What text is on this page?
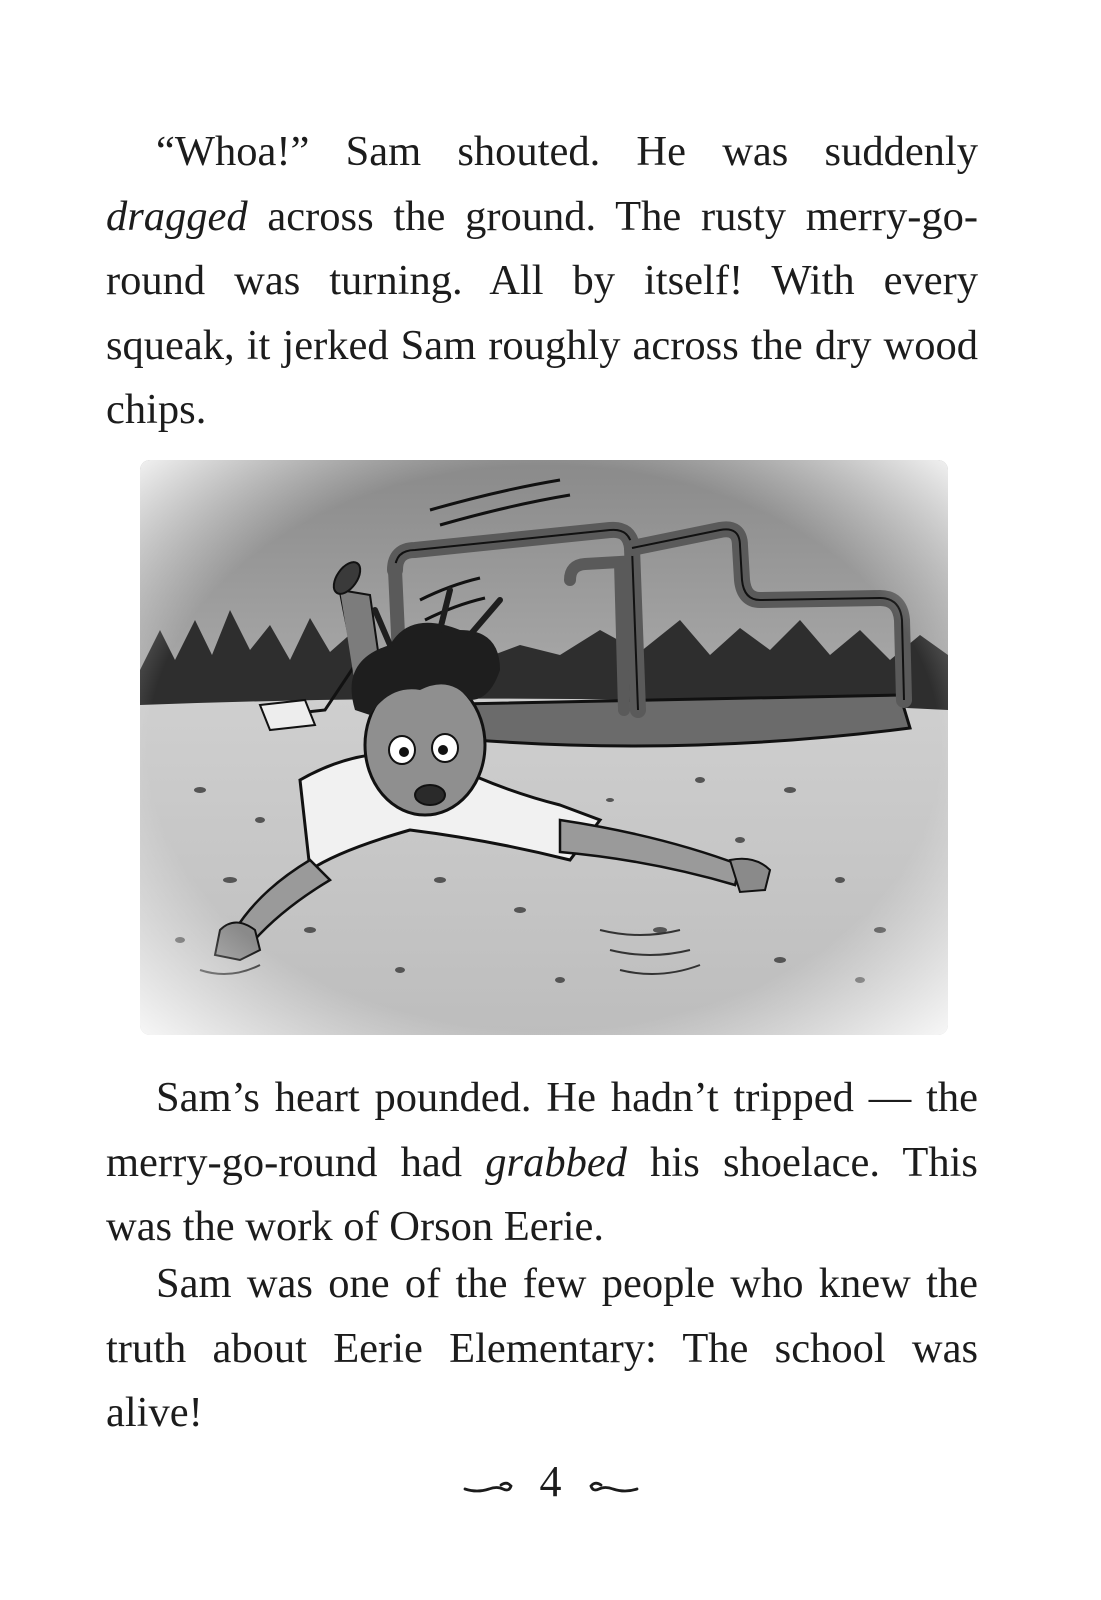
“Whoa!” Sam shouted. He was suddenly dragged across the ground. The rusty merry-go-round was turning. All by itself! With every squeak, it jerked Sam roughly across the dry wood chips.

Sam’s heart pounded. He hadn’t tripped — the merry-go-round had grabbed his shoelace. This was the work of Orson Eerie.

Sam was one of the few people who knew the truth about Eerie Elementary: The school was alive!

4
